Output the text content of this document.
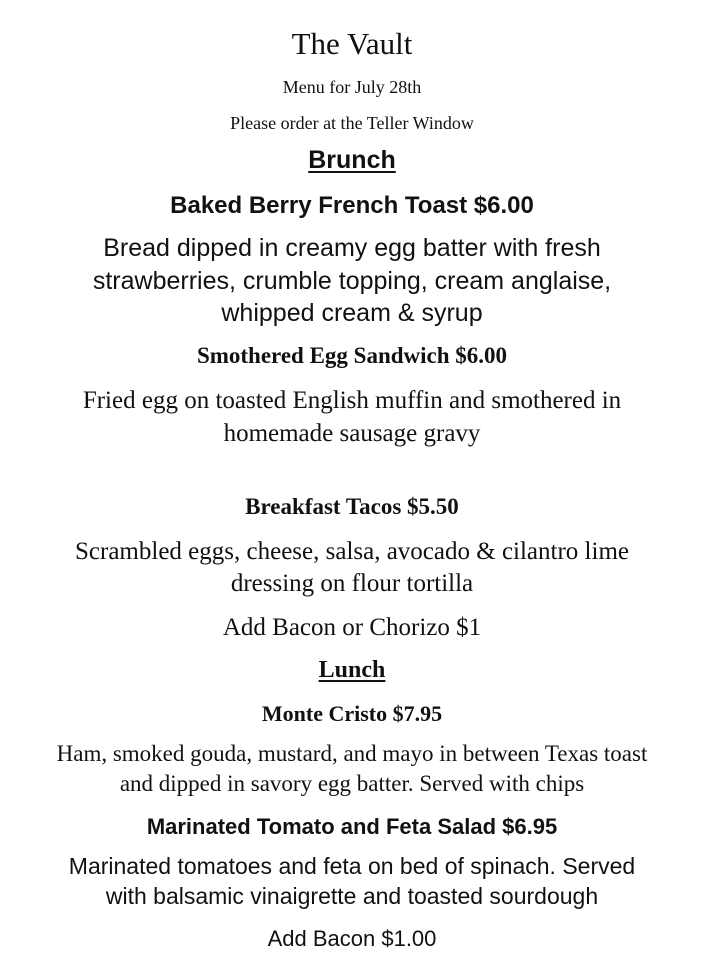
The Vault
Menu for July 28th
Please order at the Teller Window
Brunch
Baked Berry French Toast $6.00
Bread dipped in creamy egg batter with fresh
strawberries, crumble topping, cream anglaise,
whipped cream & syrup
Smothered Egg Sandwich $6.00
Fried egg on toasted English muffin and smothered in
homemade sausage gravy
Breakfast Tacos $5.50
Scrambled eggs, cheese, salsa, avocado & cilantro lime
dressing on flour tortilla
Add Bacon or Chorizo $1
Lunch
Monte Cristo $7.95
Ham, smoked gouda, mustard, and mayo in between Texas toast
and dipped in savory egg batter. Served with chips
Marinated Tomato and Feta Salad $6.95
Marinated tomatoes and feta on bed of spinach. Served
with balsamic vinaigrette and toasted sourdough
Add Bacon $1.00
